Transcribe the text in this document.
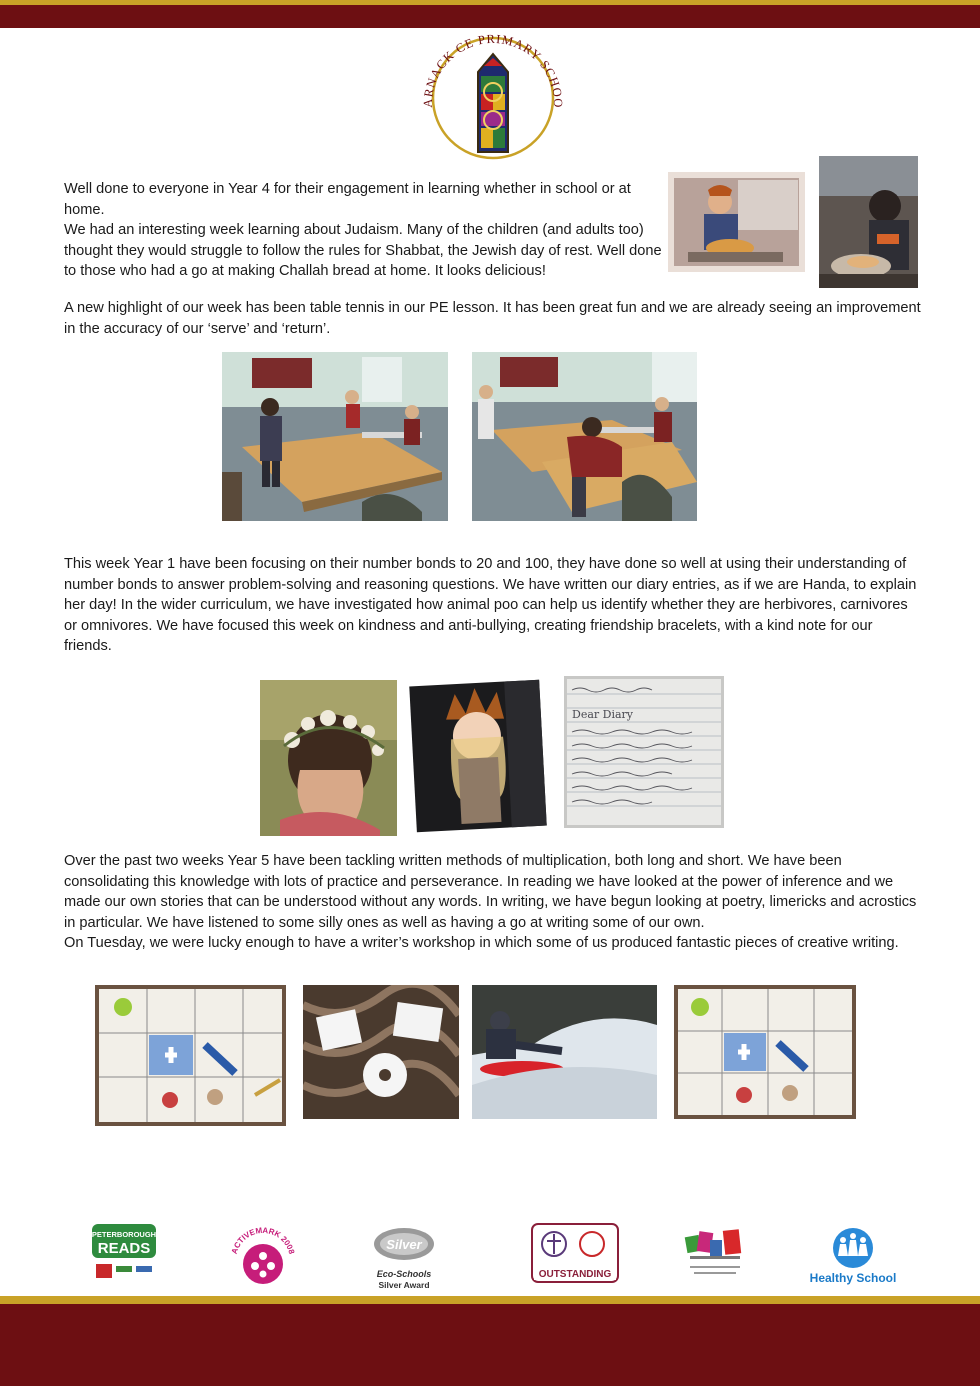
ARNACK CE PRIMARY SCHOO

Well done to everyone in Year 4 for their engagement in learning whether in school or at home.

We had an interesting week learning about Judaism. Many of the children (and adults too) thought they would struggle to follow the rules for Shabbat, the Jewish day of rest. Well done to those who had a go at making Challah bread at home. It looks delicious!

A new highlight of our week has been table tennis in our PE lesson. It has been great fun and we are already seeing an improvement in the accuracy of our ‘serve’ and ‘return’.

This week Year 1 have been focusing on their number bonds to 20 and 100, they have done so well at using their understanding of number bonds to answer problem-solving and reasoning questions. We have written our diary entries, as if we are Handa, to explain her day! In the wider curriculum, we have investigated how animal poo can help us identify whether they are herbivores, carnivores or omnivores. We have focused this week on kindness and anti-bullying, creating friendship bracelets, with a kind note for our friends.

Dear Diary

Over the past two weeks Year 5 have been tackling written methods of multiplication, both long and short. We have been consolidating this knowledge with lots of practice and perseverance. In reading we have looked at the power of inference and we made our own stories that can be understood without any words. In writing, we have begun looking at poetry, limericks and acrostics in particular. We have listened to some silly ones as well as having a go at writing some of our own.

On Tuesday, we were lucky enough to have a writer’s workshop in which some of us produced fantastic pieces of creative writing.

PETERBOROUGH
READS	ACTIVEMARK 2008	Silver
Eco-Schools
Silver Award
OUTSTANDING	Healthy School
